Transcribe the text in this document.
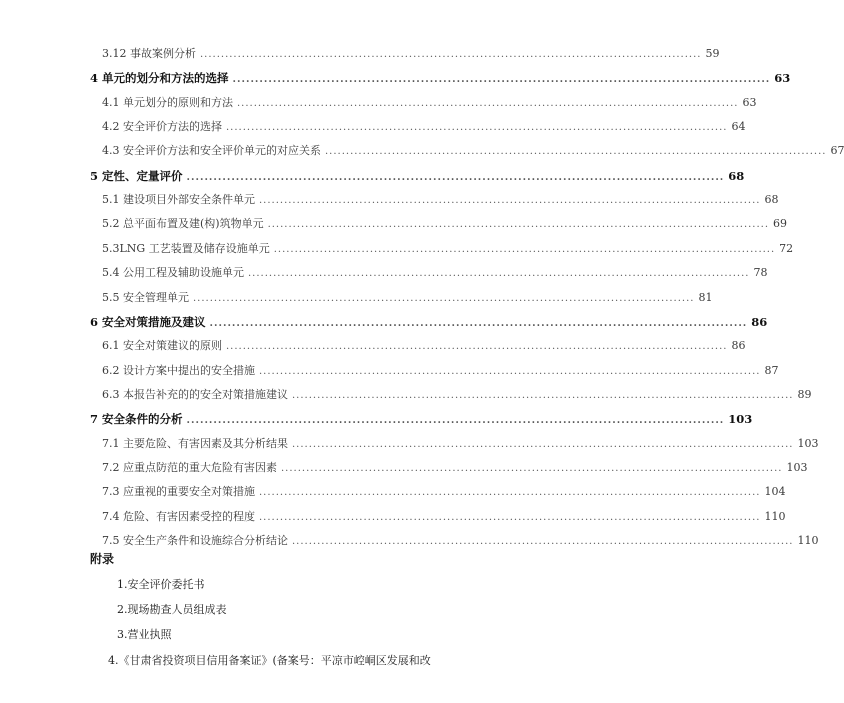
3.12 事故案例分析 ........................................................................................................................ 59
4 单元的划分和方法的选择 ........................................................................................................................ 63
4.1 单元划分的原则和方法 ........................................................................................................................ 63
4.2 安全评价方法的选择 ........................................................................................................................ 64
4.3 安全评价方法和安全评价单元的对应关系 ........................................................................................................................ 67
5 定性、定量评价 ........................................................................................................................ 68
5.1 建设项目外部安全条件单元 ........................................................................................................................ 68
5.2 总平面布置及建(构)筑物单元 ........................................................................................................................ 69
5.3LNG 工艺装置及储存设施单元 ........................................................................................................................ 72
5.4 公用工程及辅助设施单元 ........................................................................................................................ 78
5.5 安全管理单元 ........................................................................................................................ 81
6 安全对策措施及建议 ........................................................................................................................ 86
6.1 安全对策建议的原则 ........................................................................................................................ 86
6.2 设计方案中提出的安全措施 ........................................................................................................................ 87
6.3 本报告补充的的安全对策措施建议 ........................................................................................................................ 89
7 安全条件的分析 ........................................................................................................................ 103
7.1 主要危险、有害因素及其分析结果 ........................................................................................................................ 103
7.2 应重点防范的重大危险有害因素 ........................................................................................................................ 103
7.3 应重视的重要安全对策措施 ........................................................................................................................ 104
7.4 危险、有害因素受控的程度 ........................................................................................................................ 110
7.5 安全生产条件和设施综合分析结论 ........................................................................................................................ 110
1.安全评价委托书
2.现场勘查人员组成表
3.营业执照
4.《甘肃省投资项目信用备案证》(备案号：平凉市崆峒区发展和改
附录
